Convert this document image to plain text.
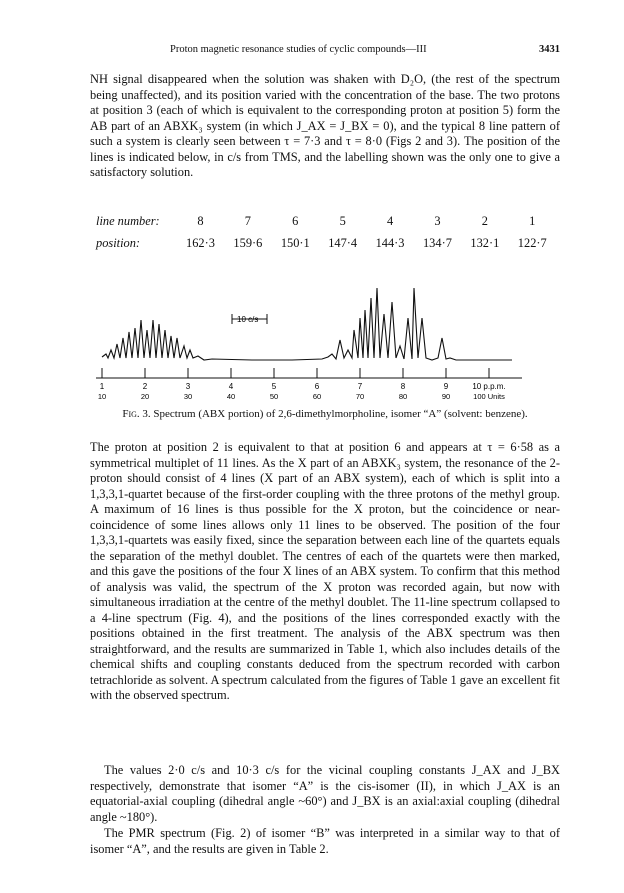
Proton magnetic resonance studies of cyclic compounds—III	3431

NH signal disappeared when the solution was shaken with D₂O, (the rest of the spectrum being unaffected), and its position varied with the concentration of the base. The two protons at position 3 (each of which is equivalent to the corresponding proton at position 5) form the AB part of an ABXK₃ system (in which J_AX = J_BX = 0), and the typical 8 line pattern of such a system is clearly seen between τ = 7·3 and τ = 8·0 (Figs 2 and 3). The position of the lines is indicated below, in c/s from TMS, and the labelling shown was the only one to give a satisfactory solution.

line number:	8	7	6	5	4	3	2	1
position:	162·3	159·6	150·1	147·4	144·3	134·7	132·1	122·7
10 c/s
1
10
2
20
3
30
4
40
5
50
6
60
7
70
8
80
9
90
10 p.p.m.
100 Units

Fig. 3. Spectrum (ABX portion) of 2,6-dimethylmorpholine, isomer “A” (solvent: benzene).

The proton at position 2 is equivalent to that at position 6 and appears at τ = 6·58 as a symmetrical multiplet of 11 lines. As the X part of an ABXK₃ system, the resonance of the 2-proton should consist of 4 lines (X part of an ABX system), each of which is split into a 1,3,3,1-quartet because of the first-order coupling with the three protons of the methyl group. A maximum of 16 lines is thus possible for the X proton, but the coincidence or near-coincidence of some lines allows only 11 lines to be observed. The position of the four 1,3,3,1-quartets was easily fixed, since the separation between each line of the quartets equals the separation of the methyl doublet. The centres of each of the quartets were then marked, and this gave the positions of the four X lines of an ABX system. To confirm that this method of analysis was valid, the spectrum of the X proton was recorded again, but now with simultaneous irradiation at the centre of the methyl doublet. The 11-line spectrum collapsed to a 4-line spectrum (Fig. 4), and the positions of the lines corresponded exactly with the positions obtained in the first treatment. The analysis of the ABX spectrum was then straightforward, and the results are summarized in Table 1, which also includes details of the chemical shifts and coupling constants deduced from the spectrum recorded with carbon tetrachloride as solvent. A spectrum calculated from the figures of Table 1 gave an excellent fit with the observed spectrum.

The values 2·0 c/s and 10·3 c/s for the vicinal coupling constants J_AX and J_BX respectively, demonstrate that isomer “A” is the cis-isomer (II), in which J_AX is an equatorial-axial coupling (dihedral angle ~60°) and J_BX is an axial:axial coupling (dihedral angle ~180°).

The PMR spectrum (Fig. 2) of isomer “B” was interpreted in a similar way to that of isomer “A”, and the results are given in Table 2.
